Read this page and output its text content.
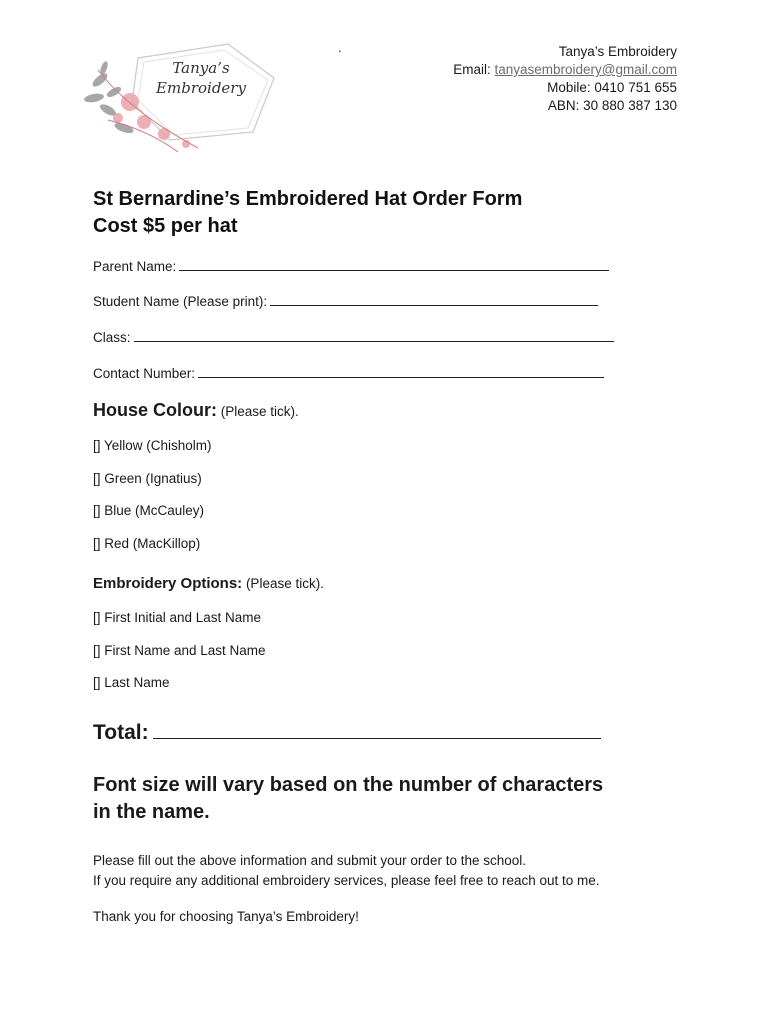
Tanya’s
Embroidery
.	Tanya’s Embroidery
Email: tanyasembroidery@gmail.com
Mobile: 0410 751 655
ABN: 30 880 387 130
St Bernardine’s Embroidered Hat Order Form
Cost $5 per hat
Parent Name:
Student Name (Please print):
Class:
Contact Number:
House Colour: (Please tick).
[] Yellow (Chisholm)
[] Green (Ignatius)
[] Blue (McCauley)
[] Red (MacKillop)
Embroidery Options: (Please tick).
[] First Initial and Last Name
[] First Name and Last Name
[] Last Name
Total:
Font size will vary based on the number of characters
in the name.
Please fill out the above information and submit your order to the school.
If you require any additional embroidery services, please feel free to reach out to me.
Thank you for choosing Tanya’s Embroidery!
